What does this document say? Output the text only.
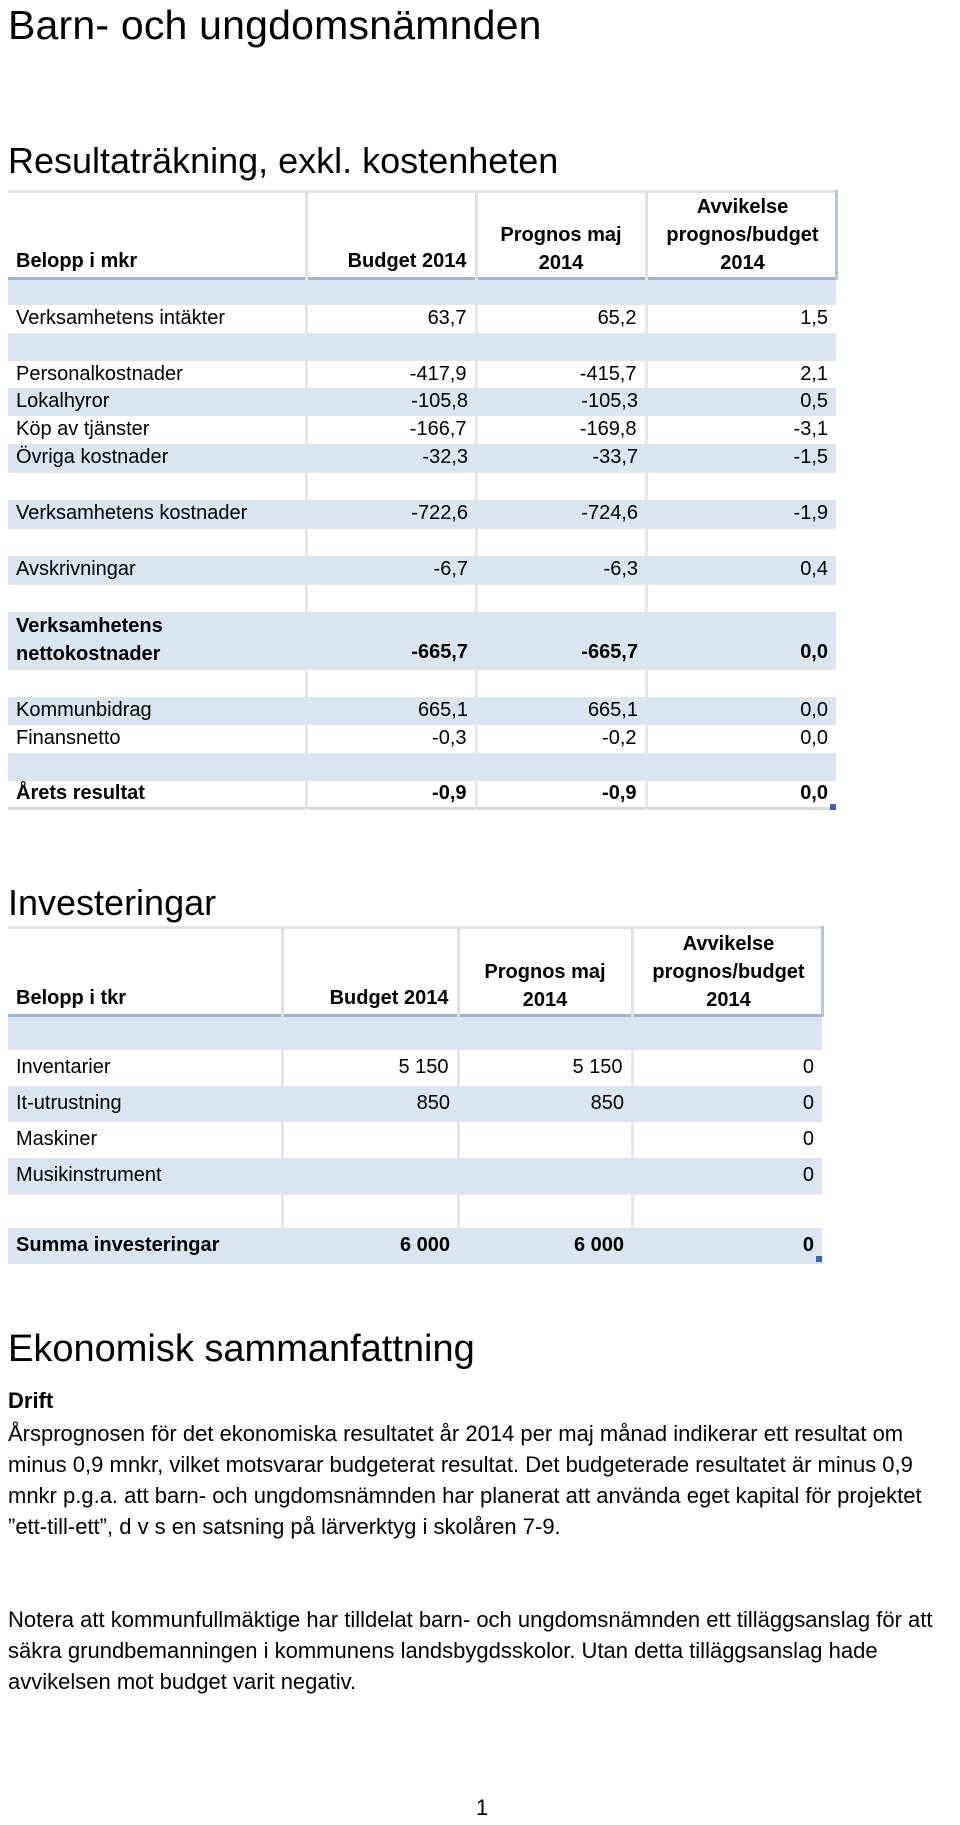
Barn- och ungdomsnämnden
Resultaträkning, exkl. kostenheten
Belopp i mkr	Budget 2014	Prognos maj 2014	Avvikelse prognos/budget 2014

Verksamhetens intäkter	63,7	65,2	1,5

Personalkostnader	-417,9	-415,7	2,1
Lokalhyror	-105,8	-105,3	0,5
Köp av tjänster	-166,7	-169,8	-3,1
Övriga kostnader	-32,3	-33,7	-1,5

Verksamhetens kostnader	-722,6	-724,6	-1,9

Avskrivningar	-6,7	-6,3	0,4

Verksamhetens nettokostnader	-665,7	-665,7	0,0

Kommunbidrag	665,1	665,1	0,0
Finansnetto	-0,3	-0,2	0,0

Årets resultat	-0,9	-0,9	0,0
Investeringar
Belopp i tkr	Budget 2014	Prognos maj 2014	Avvikelse prognos/budget 2014

Inventarier	5 150	5 150	0
It-utrustning	850	850	0
Maskiner			0
Musikinstrument			0

Summa investeringar	6 000	6 000	0
Ekonomisk sammanfattning
Drift

Årsprognosen för det ekonomiska resultatet år 2014 per maj månad indikerar ett resultat om minus 0,9 mnkr, vilket motsvarar budgeterat resultat. Det budgeterade resultatet är minus 0,9 mnkr p.g.a. att barn- och ungdomsnämnden har planerat att använda eget kapital för projektet ”ett-till-ett”, d v s en satsning på lärverktyg i skolåren 7-9.

Notera att kommunfullmäktige har tilldelat barn- och ungdomsnämnden ett tilläggsanslag för att säkra grundbemanningen i kommunens landsbygdsskolor. Utan detta tilläggsanslag hade avvikelsen mot budget varit negativ.

1
